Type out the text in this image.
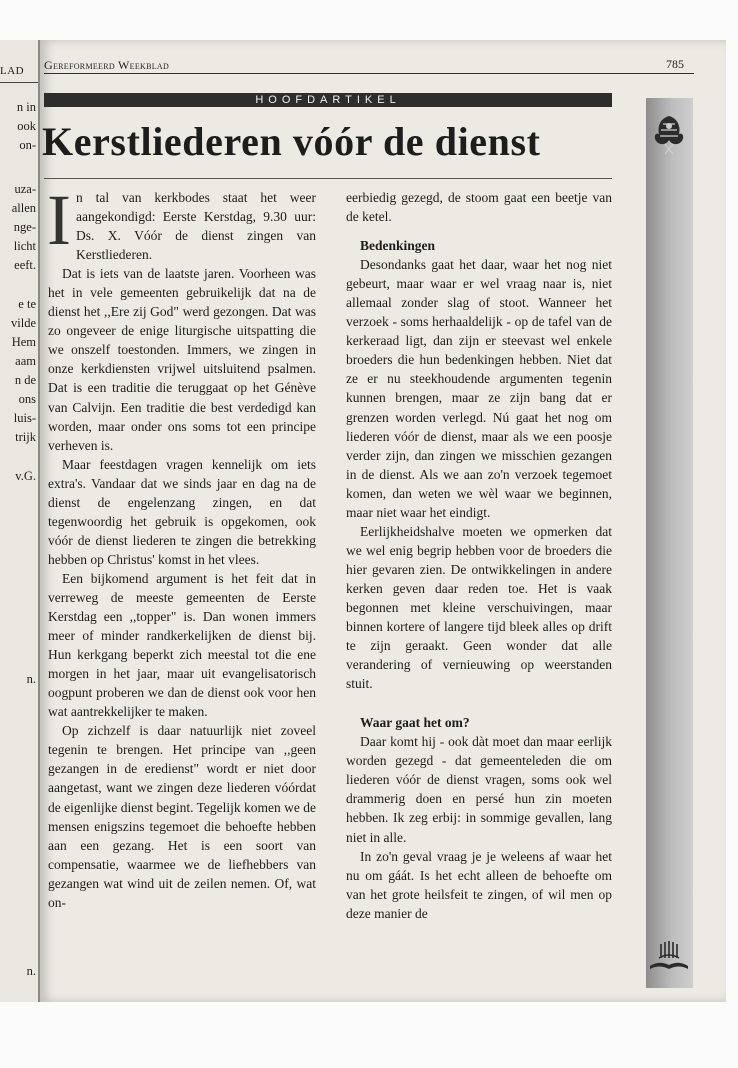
LAD
n in
ook
on-
uza-
allen
nge-
licht
eeft.
e te
vilde
Hem
aam
n de
ons
luis-
trijk
v.G.
n.
n.
Gereformeerd Weekblad	785
HOOFDARTIKEL
Kerstliederen vóór de dienst

In tal van kerkbodes staat het weer aangekondigd: Eerste Kerstdag, 9.30 uur: Ds. X. Vóór de dienst zingen van Kerstliederen.

Dat is iets van de laatste jaren. Voorheen was het in vele gemeenten gebruikelijk dat na de dienst het ,,Ere zij God" werd gezongen. Dat was zo ongeveer de enige liturgische uitspatting die we onszelf toestonden. Immers, we zingen in onze kerkdiensten vrijwel uitsluitend psalmen. Dat is een traditie die teruggaat op het Génève van Calvijn. Een traditie die best verdedigd kan worden, maar onder ons soms tot een principe verheven is.

Maar feestdagen vragen kennelijk om iets extra's. Vandaar dat we sinds jaar en dag na de dienst de engelenzang zingen, en dat tegenwoordig het gebruik is opgekomen, ook vóór de dienst liederen te zingen die betrekking hebben op Christus' komst in het vlees.

Een bijkomend argument is het feit dat in verreweg de meeste gemeenten de Eerste Kerstdag een ,,topper" is. Dan wonen immers meer of minder randkerkelijken de dienst bij. Hun kerkgang beperkt zich meestal tot die ene morgen in het jaar, maar uit evangelisatorisch oogpunt proberen we dan de dienst ook voor hen wat aantrekkelijker te maken.

Op zichzelf is daar natuurlijk niet zoveel tegenin te brengen. Het principe van ,,geen gezangen in de eredienst" wordt er niet door aangetast, want we zingen deze liederen vóórdat de eigenlijke dienst begint. Tegelijk komen we de mensen enigszins tegemoet die behoefte hebben aan een gezang. Het is een soort van compensatie, waarmee we de liefhebbers van gezangen wat wind uit de zeilen nemen. Of, wat on-

eerbiedig gezegd, de stoom gaat een beetje van de ketel.

Bedenkingen

Desondanks gaat het daar, waar het nog niet gebeurt, maar waar er wel vraag naar is, niet allemaal zonder slag of stoot. Wanneer het verzoek - soms herhaaldelijk - op de tafel van de kerkeraad ligt, dan zijn er steevast wel enkele broeders die hun bedenkingen hebben. Niet dat ze er nu steekhoudende argumenten tegenin kunnen brengen, maar ze zijn bang dat er grenzen worden verlegd. Nú gaat het nog om liederen vóór de dienst, maar als we een poosje verder zijn, dan zingen we misschien gezangen in de dienst. Als we aan zo'n verzoek tegemoet komen, dan weten we wèl waar we beginnen, maar niet waar het eindigt.

Eerlijkheidshalve moeten we opmerken dat we wel enig begrip hebben voor de broeders die hier gevaren zien. De ontwikkelingen in andere kerken geven daar reden toe. Het is vaak begonnen met kleine verschuivingen, maar binnen kortere of langere tijd bleek alles op drift te zijn geraakt. Geen wonder dat alle verandering of vernieuwing op weerstanden stuit.

Waar gaat het om?

Daar komt hij - ook dàt moet dan maar eerlijk worden gezegd - dat gemeenteleden die om liederen vóór de dienst vragen, soms ook wel drammerig doen en persé hun zin moeten hebben. Ik zeg erbij: in sommige gevallen, lang niet in alle.

In zo'n geval vraag je je weleens af waar het nu om gáát. Is het echt alleen de behoefte om van het grote heilsfeit te zingen, of wil men op deze manier de
